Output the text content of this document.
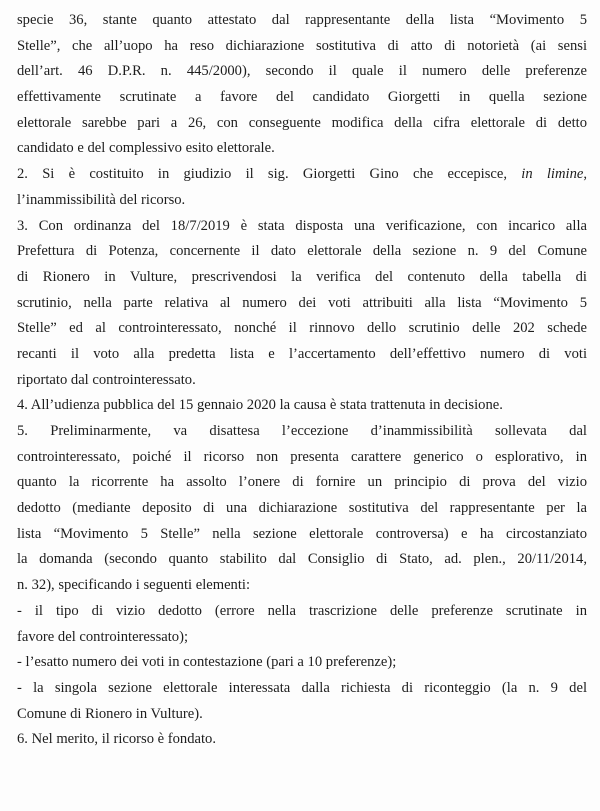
specie 36, stante quanto attestato dal rappresentante della lista “Movimento 5
Stelle”, che all’uopo ha reso dichiarazione sostitutiva di atto di notorietà (ai sensi
dell’art. 46 D.P.R. n. 445/2000), secondo il quale il numero delle preferenze
effettivamente scrutinate a favore del candidato Giorgetti in quella sezione
elettorale sarebbe pari a 26, con conseguente modifica della cifra elettorale di detto
candidato e del complessivo esito elettorale.
2. Si è costituito in giudizio il sig. Giorgetti Gino che eccepisce, in limine,
l’inammissibilità del ricorso.
3. Con ordinanza del 18/7/2019 è stata disposta una verificazione, con incarico alla
Prefettura di Potenza, concernente il dato elettorale della sezione n. 9 del Comune
di Rionero in Vulture, prescrivendosi la verifica del contenuto della tabella di
scrutinio, nella parte relativa al numero dei voti attribuiti alla lista “Movimento 5
Stelle” ed al controinteressato, nonché il rinnovo dello scrutinio delle 202 schede
recanti il voto alla predetta lista e l’accertamento dell’effettivo numero di voti
riportato dal controinteressato.
4. All’udienza pubblica del 15 gennaio 2020 la causa è stata trattenuta in decisione.
5. Preliminarmente, va disattesa l’eccezione d’inammissibilità sollevata dal
controinteressato, poiché il ricorso non presenta carattere generico o esplorativo, in
quanto la ricorrente ha assolto l’onere di fornire un principio di prova del vizio
dedotto (mediante deposito di una dichiarazione sostitutiva del rappresentante per la
lista “Movimento 5 Stelle” nella sezione elettorale controversa) e ha circostanziato
la domanda (secondo quanto stabilito dal Consiglio di Stato, ad. plen., 20/11/2014,
n. 32), specificando i seguenti elementi:
- il tipo di vizio dedotto (errore nella trascrizione delle preferenze scrutinate in
favore del controinteressato);
- l’esatto numero dei voti in contestazione (pari a 10 preferenze);
- la singola sezione elettorale interessata dalla richiesta di riconteggio (la n. 9 del
Comune di Rionero in Vulture).
6. Nel merito, il ricorso è fondato.
